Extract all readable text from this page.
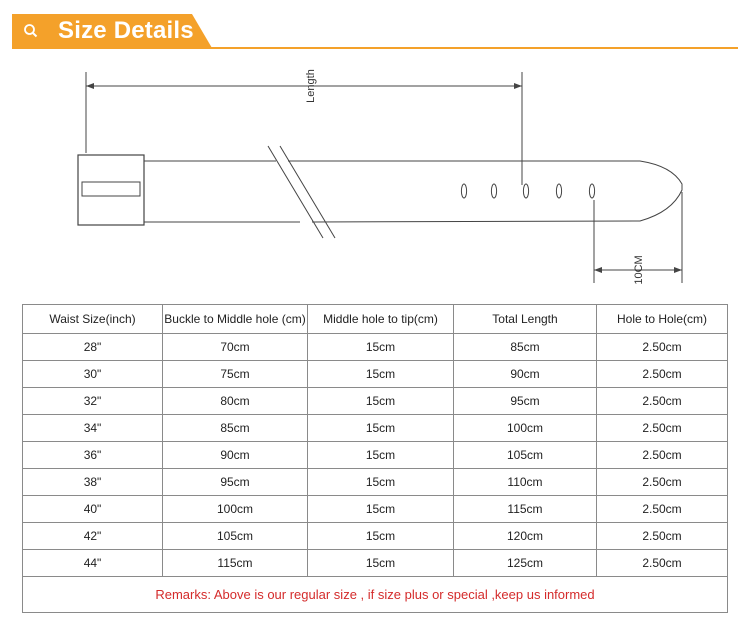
Size Details
Length
10CM
Waist Size(inch)	Buckle to Middle hole (cm)	Middle hole to tip(cm)	Total Length	Hole to Hole(cm)
28"	70cm	15cm	85cm	2.50cm
30"	75cm	15cm	90cm	2.50cm
32"	80cm	15cm	95cm	2.50cm
34"	85cm	15cm	100cm	2.50cm
36"	90cm	15cm	105cm	2.50cm
38"	95cm	15cm	110cm	2.50cm
40"	100cm	15cm	115cm	2.50cm
42"	105cm	15cm	120cm	2.50cm
44"	115cm	15cm	125cm	2.50cm
Remarks: Above is our regular size , if size plus or special ,keep us informed				
